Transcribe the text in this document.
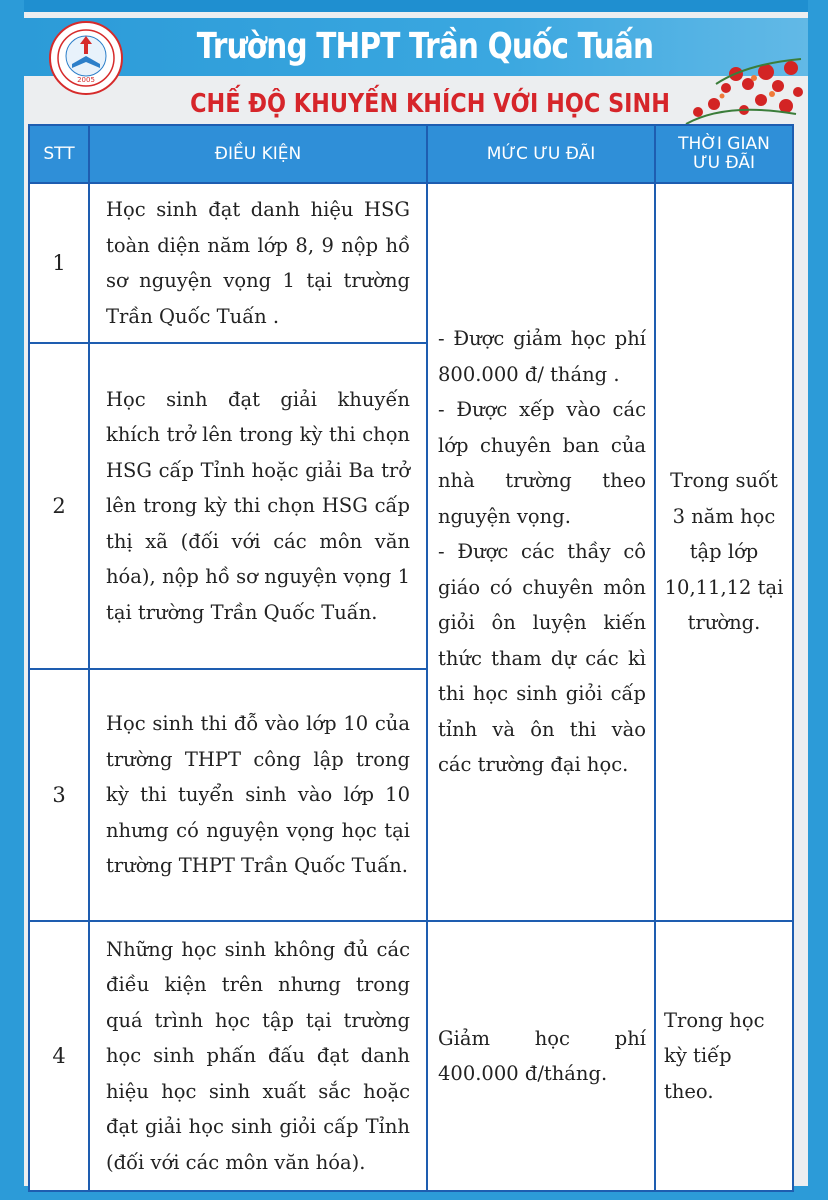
2005
Trường THPT Trần Quốc Tuấn
CHẾ ĐỘ KHUYẾN KHÍCH VỚI HỌC SINH
STT	ĐIỀU KIỆN	MỨC ƯU ĐÃI	THỜI GIAN
ƯU ĐÃI

1	Học sinh đạt danh hiệu HSG toàn diện năm lớp 8, 9 nộp hồ sơ nguyện vọng 1 tại trường Trần Quốc Tuấn .	- Được giảm học phí 800.000 đ/ tháng .
- Được xếp vào các lớp chuyên ban của nhà trường theo nguyện vọng.
- Được các thầy cô giáo có chuyên môn giỏi ôn luyện kiến thức tham dự các kì thi học sinh giỏi cấp tỉnh và ôn thi vào các trường đại học.	Trong suốt 3 năm học tập lớp 10,11,12 tại trường.

2	Học sinh đạt giải khuyến khích trở lên trong kỳ thi chọn HSG cấp Tỉnh hoặc giải Ba trở lên trong kỳ thi chọn HSG cấp thị xã (đối với các môn văn hóa), nộp hồ sơ nguyện vọng 1 tại trường Trần Quốc Tuấn.		
3	Học sinh thi đỗ vào lớp 10 của trường THPT công lập trong kỳ thi tuyển sinh vào lớp 10 nhưng có nguyện vọng học tại trường THPT Trần Quốc Tuấn.		
4	Những học sinh không đủ các điều kiện trên nhưng trong quá trình học tập tại trường học sinh phấn đấu đạt danh hiệu học sinh xuất sắc hoặc đạt giải học sinh giỏi cấp Tỉnh (đối với các môn văn hóa).	Giảm học phí 400.000 đ/tháng.	Trong học kỳ tiếp theo.
